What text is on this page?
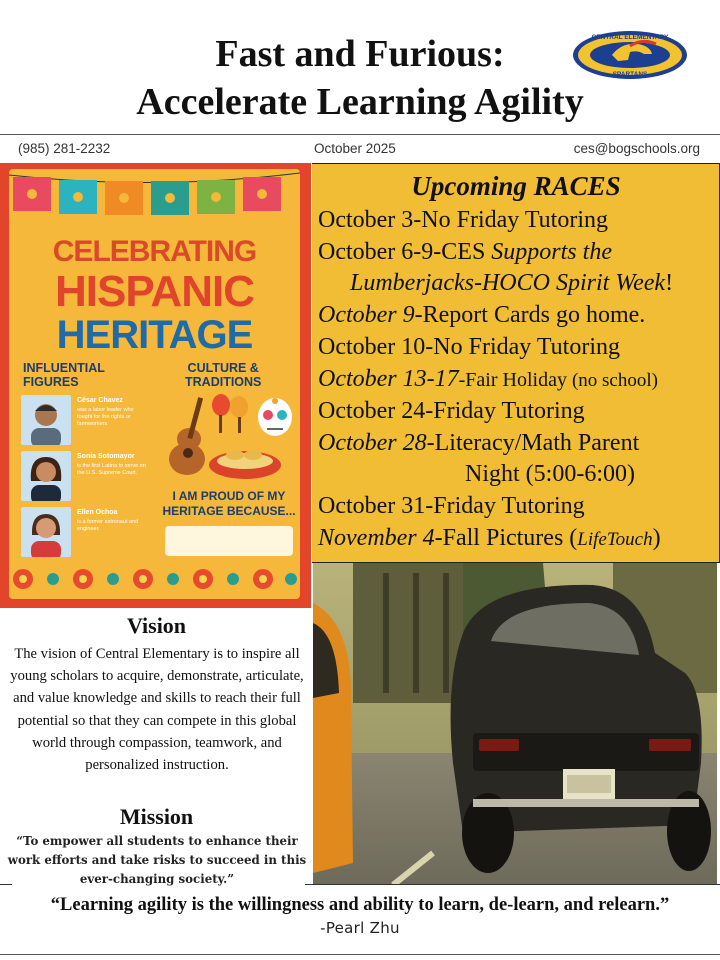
Fast and Furious:
Accelerate Learning Agility
CENTRAL ELEMENTARY
SPARTANS
(985) 281-2232	October 2025	ces@bogschools.org
CELEBRATING
HISPANIC
HERITAGE
INFLUENTIAL
FIGURES
CULTURE &
TRADITIONS
César Chavez
was a labor leader who fought for the rights or farmworkers
Sonia Sotomayor
is the first Latina to serve on the U.S. Supreme Court.
Ellen Ochoa
is a former astronaut and engineer.
I AM PROUD OF MY
HERITAGE BECAUSE...
Upcoming RACES
October 3-No Friday Tutoring
October 6-9-CES Supports the
Lumberjacks-HOCO Spirit Week!
October 9-Report Cards go home.
October 10-No Friday Tutoring
October 13-17-Fair Holiday (no school)
October 24-Friday Tutoring
October 28-Literacy/Math Parent
Night (5:00-6:00)
October 31-Friday Tutoring
November 4-Fall Pictures (LifeTouch)
Vision
The vision of Central Elementary is to inspire all young scholars to acquire, demonstrate, articulate, and value knowledge and skills to reach their full potential so that they can compete in this global world through compassion, teamwork, and personalized instruction.
Mission
“To empower all students to enhance their work efforts and take risks to succeed in this ever-changing society.”
“Learning agility is the willingness and ability to learn, de-learn, and relearn.”
-Pearl Zhu
